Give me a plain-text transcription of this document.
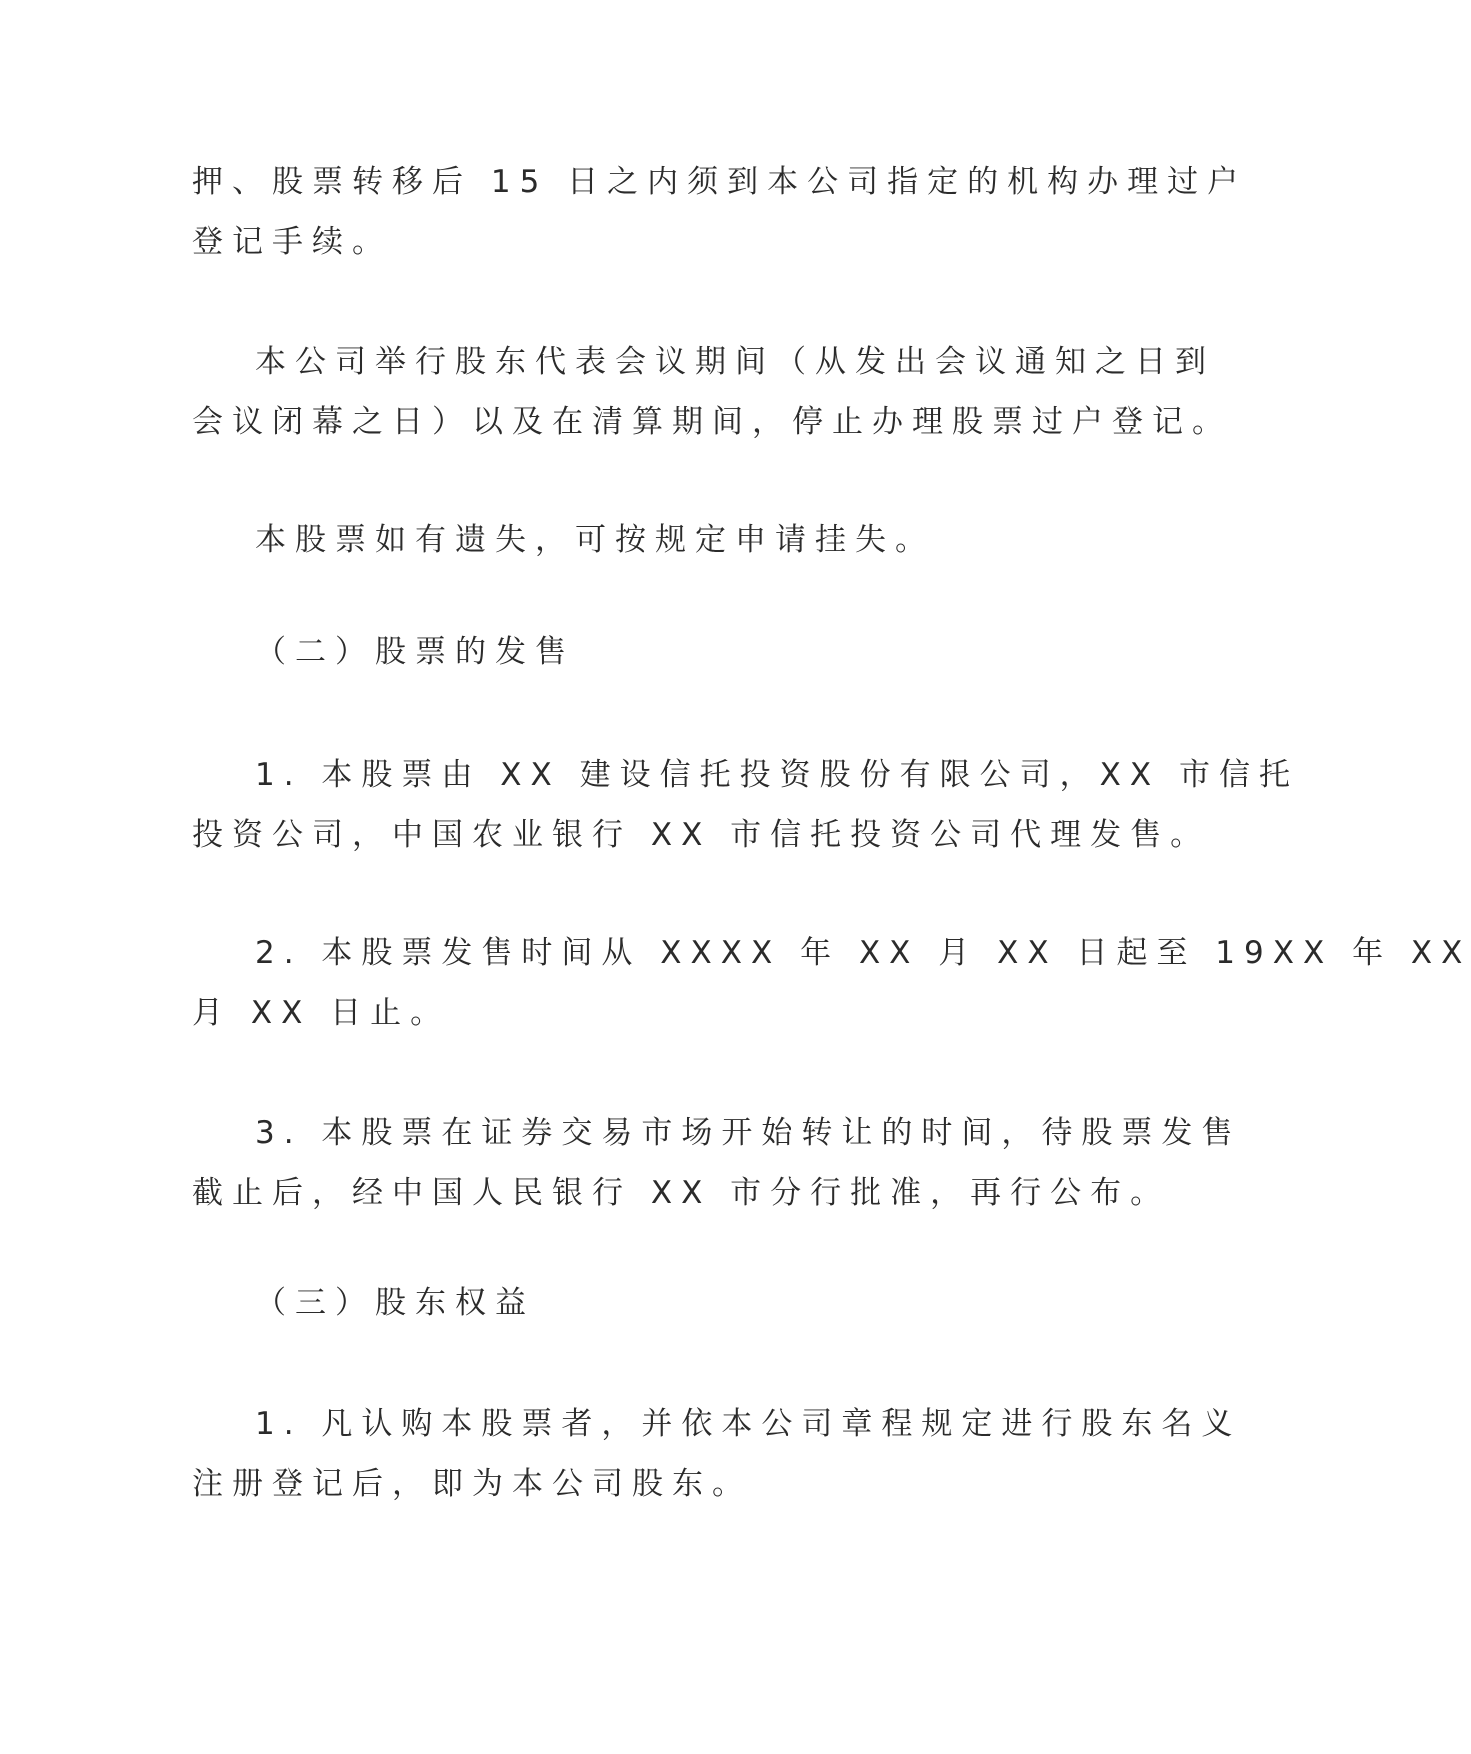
押、股票转移后 15 日之内须到本公司指定的机构办理过户
登记手续。
本公司举行股东代表会议期间（从发出会议通知之日到
会议闭幕之日）以及在清算期间，停止办理股票过户登记。
本股票如有遗失，可按规定申请挂失。
（二）股票的发售
1. 本股票由 XX 建设信托投资股份有限公司，XX 市信托
投资公司，中国农业银行 XX 市信托投资公司代理发售。
2. 本股票发售时间从 XXXX 年 XX 月 XX 日起至 19XX 年 XX
月 XX 日止。
3. 本股票在证券交易市场开始转让的时间，待股票发售
截止后，经中国人民银行 XX 市分行批准，再行公布。
（三）股东权益
1. 凡认购本股票者，并依本公司章程规定进行股东名义
注册登记后，即为本公司股东。
